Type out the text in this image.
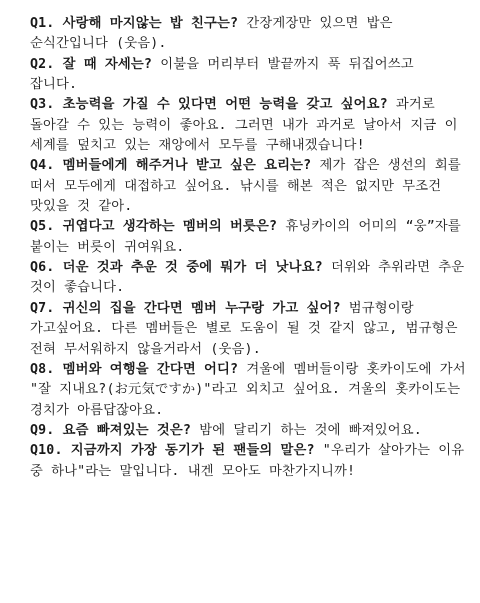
Q1. 사랑해 마지않는 밥 친구는? 간장게장만 있으면 밥은 순식간입니다 (웃음).

Q2. 잘 때 자세는? 이불을 머리부터 발끝까지 푹 뒤집어쓰고 잡니다.

Q3. 초능력을 가질 수 있다면 어떤 능력을 갖고 싶어요? 과거로 돌아갈 수 있는 능력이 좋아요. 그러면 내가 과거로 날아서 지금 이 세계를 덮치고 있는 재앙에서 모두를 구해내겠습니다!

Q4. 멤버들에게 해주거나 받고 싶은 요리는? 제가 잡은 생선의 회를 떠서 모두에게 대접하고 싶어요. 낚시를 해본 적은 없지만 무조건 맛있을 것 같아.

Q5. 귀엽다고 생각하는 멤버의 버릇은? 휴닝카이의 어미의 “웅”자를 붙이는 버릇이 귀여워요.

Q6. 더운 것과 추운 것 중에 뭐가 더 낫나요? 더위와 추위라면 추운 것이 좋습니다.

Q7. 귀신의 집을 간다면 멤버 누구랑 가고 싶어? 범규형이랑 가고싶어요. 다른 멤버들은 별로 도움이 될 것 같지 않고, 범규형은 전혀 무서워하지 않을거라서 (웃음).

Q8. 멤버와 여행을 간다면 어디? 겨울에 멤버들이랑 홋카이도에 가서 "잘 지내요?(お元気ですか)"라고 외치고 싶어요. 겨울의 홋카이도는 경치가 아름답잖아요.

Q9. 요즘 빠져있는 것은? 밤에 달리기 하는 것에 빠져있어요.

Q10. 지금까지 가장 동기가 된 팬들의 말은? "우리가 살아가는 이유 중 하나"라는 말입니다. 내겐 모아도 마찬가지니까!
